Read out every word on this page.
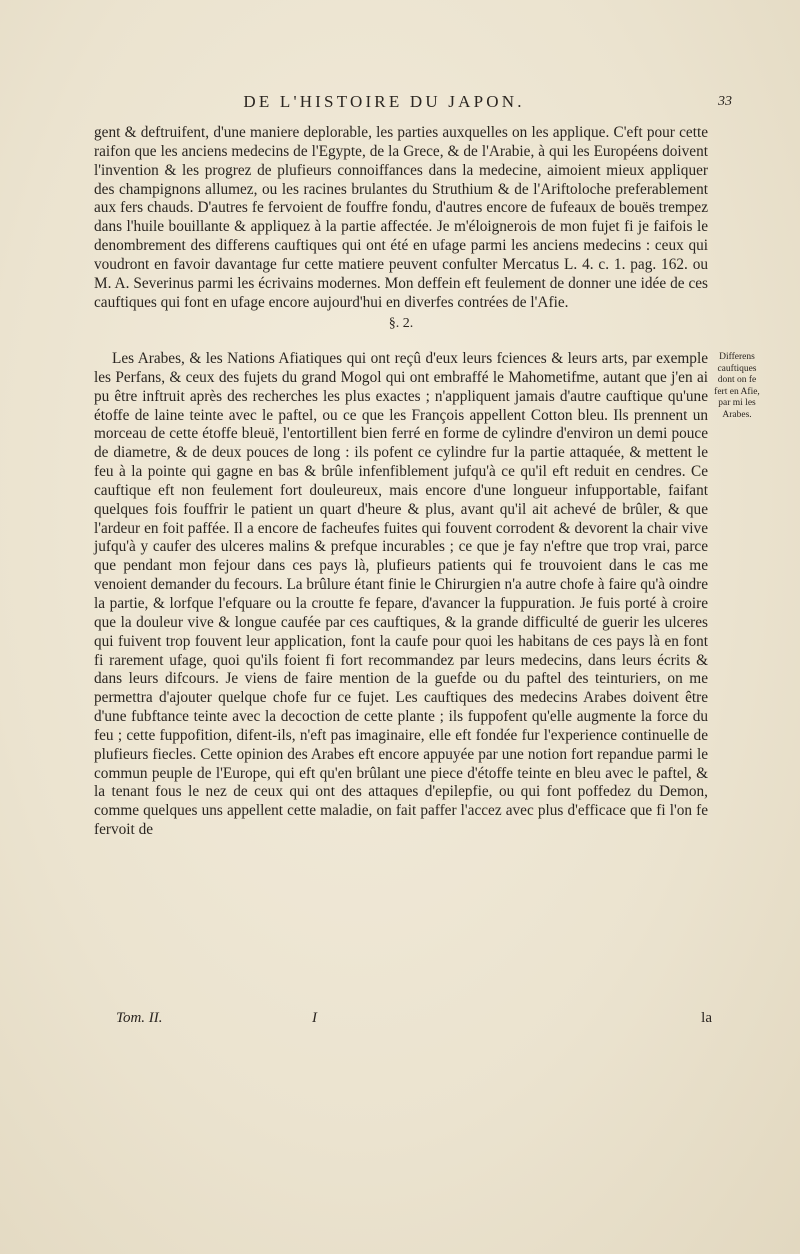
DE L'HISTOIRE DU JAPON.	33

gent & deftruifent, d'une maniere deplorable, les parties auxquelles on les applique. C'eft pour cette raifon que les anciens medecins de l'Egypte, de la Grece, & de l'Arabie, à qui les Européens doivent l'invention & les progrez de plufieurs connoiffances dans la medecine, aimoient mieux appliquer des champignons allumez, ou les racines brulantes du Struthium & de l'Ariftoloche preferablement aux fers chauds. D'autres fe fervoient de fouffre fondu, d'autres encore de fufeaux de bouës trempez dans l'huile bouillante & appliquez à la partie affectée. Je m'éloignerois de mon fujet fi je faifois le denombrement des differens cauftiques qui ont été en ufage parmi les anciens medecins : ceux qui voudront en favoir davantage fur cette matiere peuvent confulter Mercatus L. 4. c. 1. pag. 162. ou M. A. Severinus parmi les écrivains modernes. Mon deffein eft feulement de donner une idée de ces cauftiques qui font en ufage encore aujourd'hui en diverfes contrées de l'Afie.

§. 2.

Les Arabes, & les Nations Afiatiques qui ont reçû d'eux leurs fciences & leurs arts, par exemple les Perfans, & ceux des fujets du grand Mogol qui ont embraffé le Mahometifme, autant que j'en ai pu être inftruit après des recherches les plus exactes ; n'appliquent jamais d'autre cauftique qu'une étoffe de laine teinte avec le paftel, ou ce que les François appellent Cotton bleu. Ils prennent un morceau de cette étoffe bleuë, l'entortillent bien ferré en forme de cylindre d'environ un demi pouce de diametre, & de deux pouces de long : ils pofent ce cylindre fur la partie attaquée, & mettent le feu à la pointe qui gagne en bas & brûle infenfiblement jufqu'à ce qu'il eft reduit en cendres. Ce cauftique eft non feulement fort douleureux, mais encore d'une longueur infupportable, faifant quelques fois fouffrir le patient un quart d'heure & plus, avant qu'il ait achevé de brûler, & que l'ardeur en foit paffée. Il a encore de facheufes fuites qui fouvent corrodent & devorent la chair vive jufqu'à y caufer des ulceres malins & prefque incurables ; ce que je fay n'eftre que trop vrai, parce que pendant mon fejour dans ces pays là, plufieurs patients qui fe trouvoient dans le cas me venoient demander du fecours. La brûlure étant finie le Chirurgien n'a autre chofe à faire qu'à oindre la partie, & lorfque l'efquare ou la croutte fe fepare, d'avancer la fuppuration. Je fuis porté à croire que la douleur vive & longue caufée par ces cauftiques, & la grande difficulté de guerir les ulceres qui fuivent trop fouvent leur application, font la caufe pour quoi les habitans de ces pays là en font fi rarement ufage, quoi qu'ils foient fi fort recommandez par leurs medecins, dans leurs écrits & dans leurs difcours. Je viens de faire mention de la guefde ou du paftel des teinturiers, on me permettra d'ajouter quelque chofe fur ce fujet. Les cauftiques des medecins Arabes doivent être d'une fubftance teinte avec la decoction de cette plante ; ils fuppofent qu'elle augmente la force du feu ; cette fuppofition, difent-ils, n'eft pas imaginaire, elle eft fondée fur l'experience continuelle de plufieurs fiecles. Cette opinion des Arabes eft encore appuyée par une notion fort repandue parmi le commun peuple de l'Europe, qui eft qu'en brûlant une piece d'étoffe teinte en bleu avec le paftel, & la tenant fous le nez de ceux qui ont des attaques d'epilepfie, ou qui font poffedez du Demon, comme quelques uns appellent cette maladie, on fait paffer l'accez avec plus d'efficace que fi l'on fe fervoit de

Differens cauftiques dont on fe fert en Afie, par mi les Arabes.
Tom. II.	I	la
